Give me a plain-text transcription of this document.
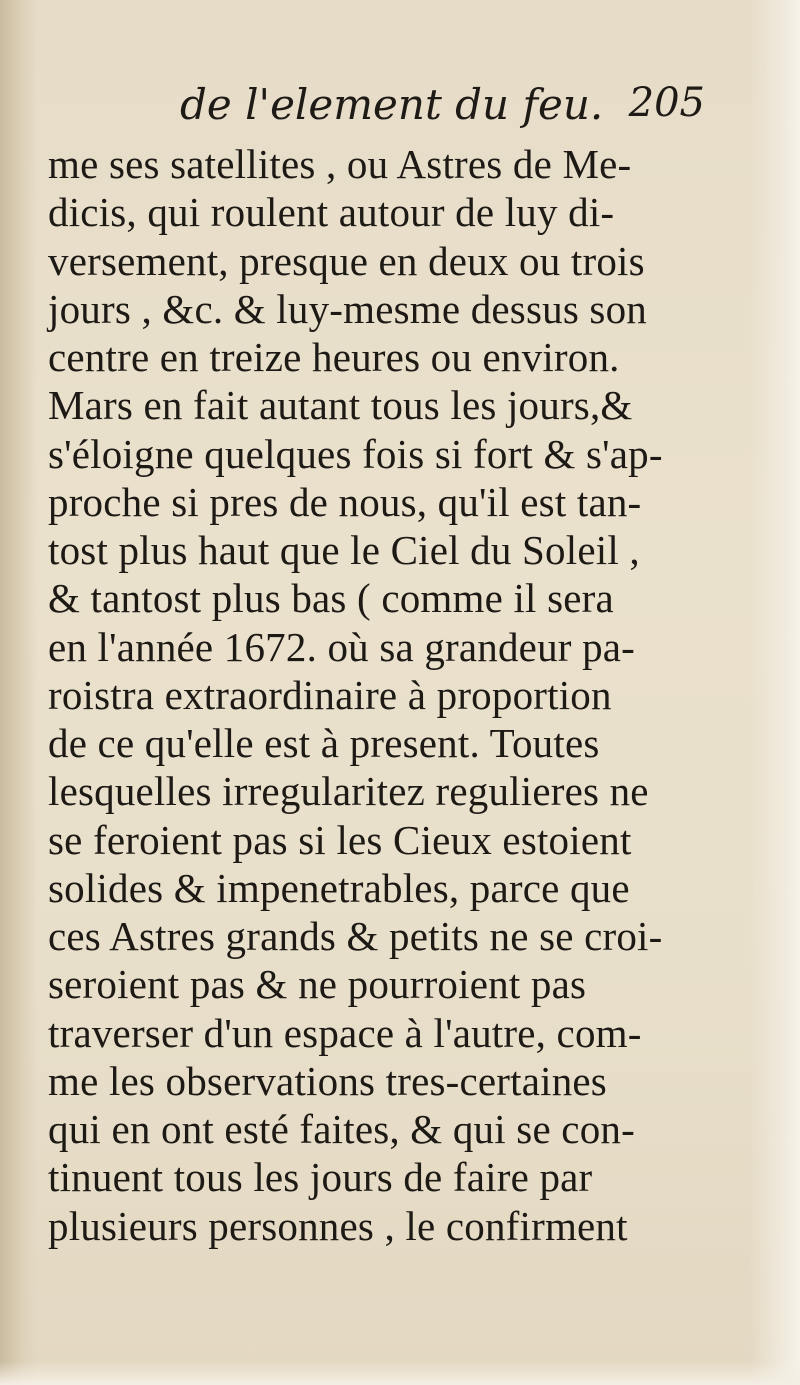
de l'element du feu. 205
me ses satellites , ou Astres de Me-
dicis, qui roulent autour de luy di-
versement, presque en deux ou trois
jours , &c. & luy-mesme dessus son
centre en treize heures ou environ.
Mars en fait autant tous les jours,&
s'éloigne quelques fois si fort & s'ap-
proche si pres de nous, qu'il est tan-
tost plus haut que le Ciel du Soleil ,
& tantost plus bas ( comme il sera
en l'année 1672. où sa grandeur pa-
roistra extraordinaire à proportion
de ce qu'elle est à present. Toutes
lesquelles irregularitez regulieres ne
se feroient pas si les Cieux estoient
solides & impenetrables, parce que
ces Astres grands & petits ne se croi-
seroient pas & ne pourroient pas
traverser d'un espace à l'autre, com-
me les observations tres-certaines
qui en ont esté faites, & qui se con-
tinuent tous les jours de faire par
plusieurs personnes , le confirment
